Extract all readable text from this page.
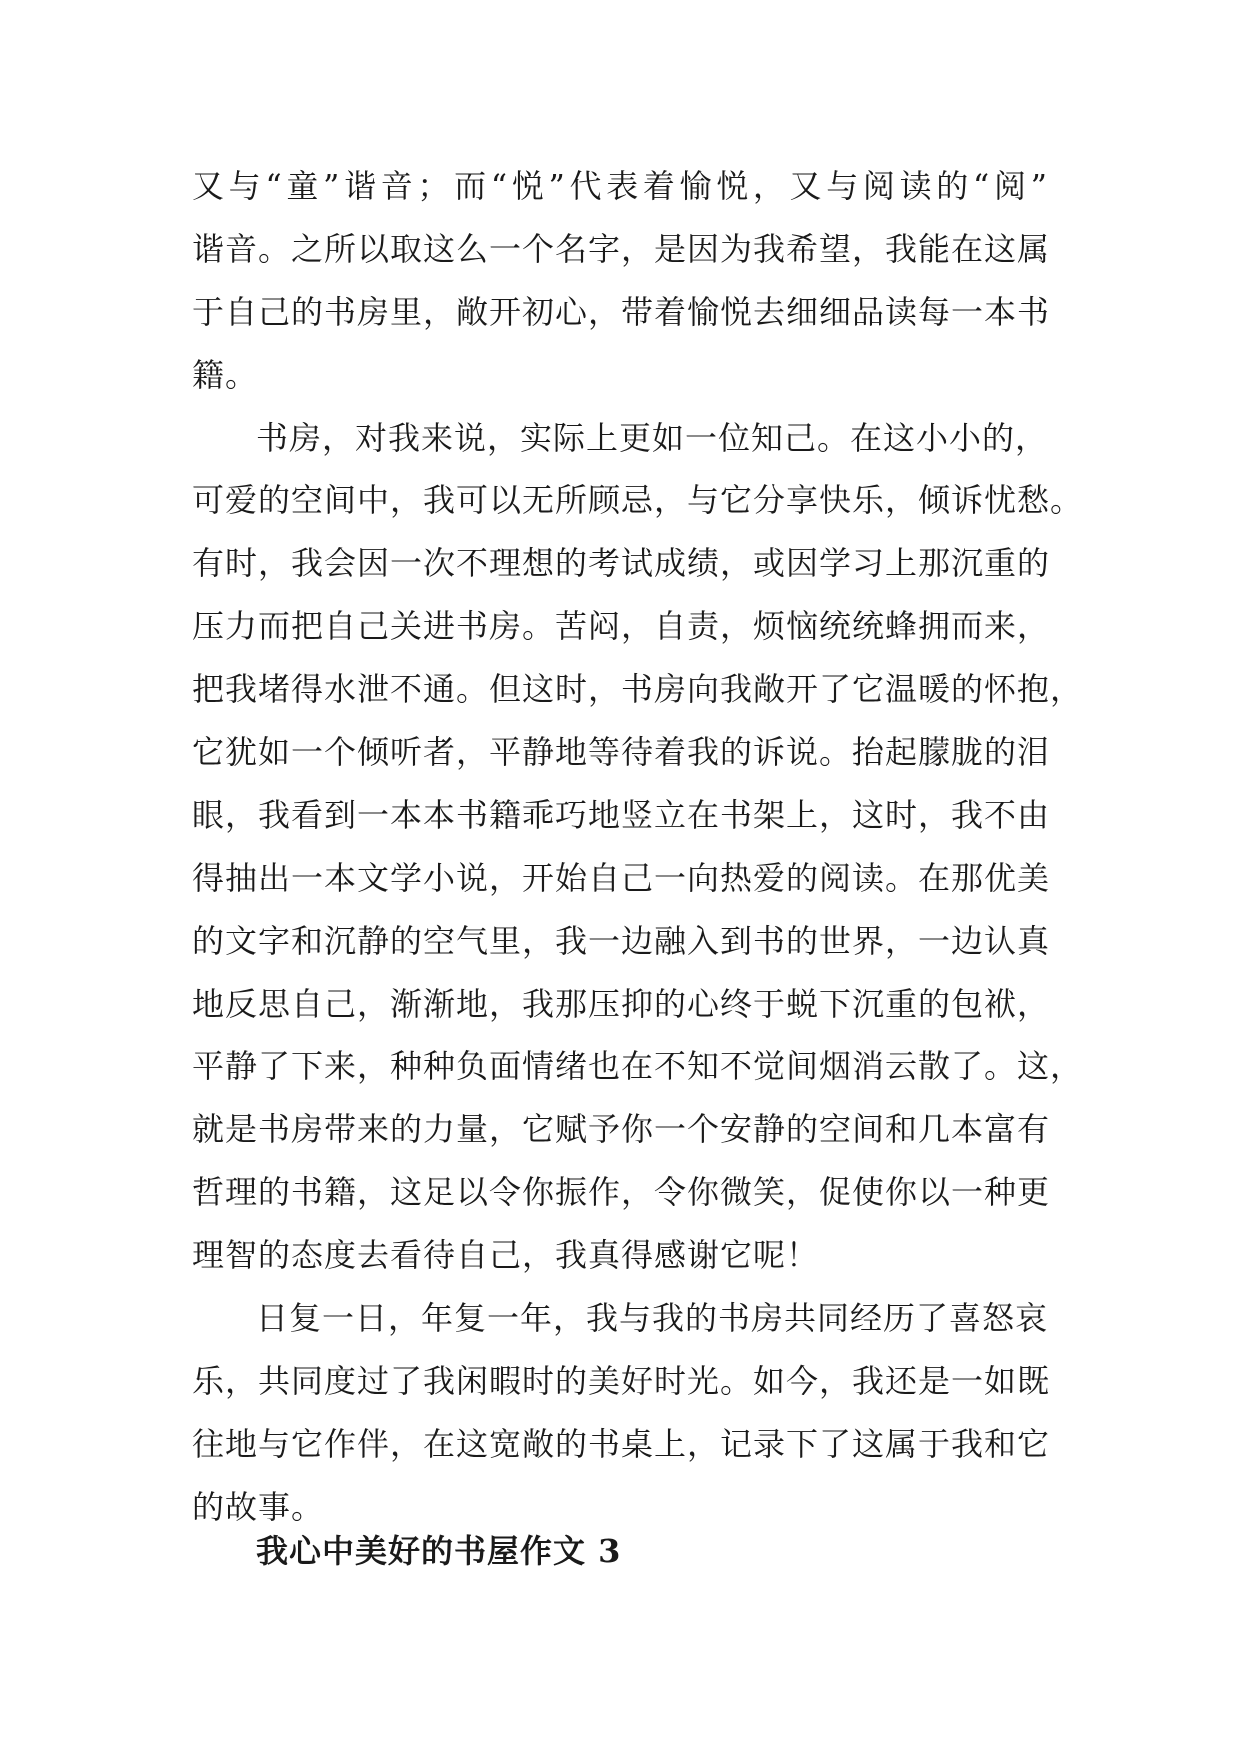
又与“童”谐音；而“悦”代表着愉悦，又与阅读的“阅”
谐音。之所以取这么一个名字，是因为我希望，我能在这属
于自己的书房里，敞开初心，带着愉悦去细细品读每一本书
籍。
书房，对我来说，实际上更如一位知己。在这小小的，
可爱的空间中，我可以无所顾忌，与它分享快乐，倾诉忧愁。
有时，我会因一次不理想的考试成绩，或因学习上那沉重的
压力而把自己关进书房。苦闷，自责，烦恼统统蜂拥而来，
把我堵得水泄不通。但这时，书房向我敞开了它温暖的怀抱，
它犹如一个倾听者，平静地等待着我的诉说。抬起朦胧的泪
眼，我看到一本本书籍乖巧地竖立在书架上，这时，我不由
得抽出一本文学小说，开始自己一向热爱的阅读。在那优美
的文字和沉静的空气里，我一边融入到书的世界，一边认真
地反思自己，渐渐地，我那压抑的心终于蜕下沉重的包袱，
平静了下来，种种负面情绪也在不知不觉间烟消云散了。这，
就是书房带来的力量，它赋予你一个安静的空间和几本富有
哲理的书籍，这足以令你振作，令你微笑，促使你以一种更
理智的态度去看待自己，我真得感谢它呢！
日复一日，年复一年，我与我的书房共同经历了喜怒哀
乐，共同度过了我闲暇时的美好时光。如今，我还是一如既
往地与它作伴，在这宽敞的书桌上，记录下了这属于我和它
的故事。
我心中美好的书屋作文 3
